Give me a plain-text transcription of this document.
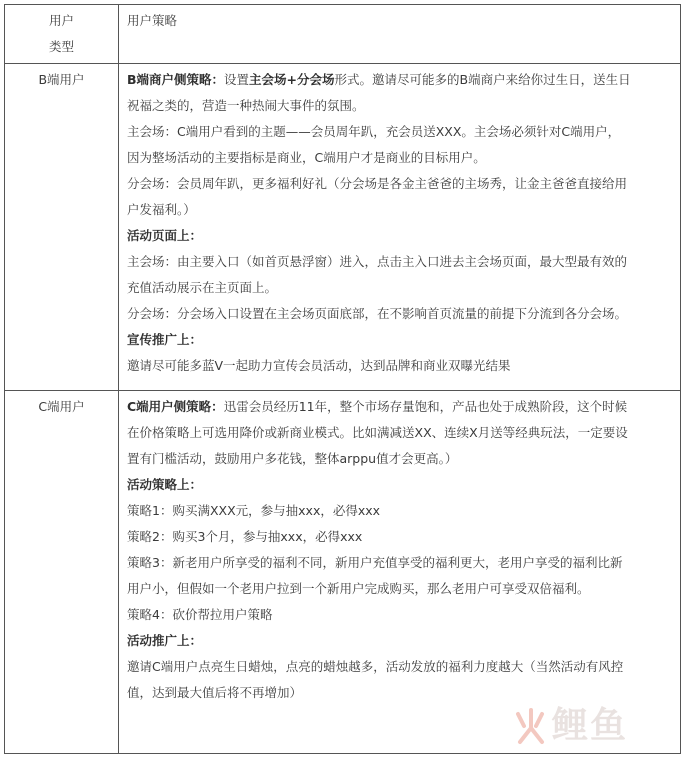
用户
类型
用户策略
B端用户	B端商户侧策略：设置主会场+分会场形式。邀请尽可能多的B端商户来给你过生日，送生日
祝福之类的，营造一种热闹大事件的氛围。
主会场：C端用户看到的主题——会员周年趴，充会员送XXX。主会场必须针对C端用户，
因为整场活动的主要指标是商业，C端用户才是商业的目标用户。
分会场：会员周年趴，更多福利好礼（分会场是各金主爸爸的主场秀，让金主爸爸直接给用
户发福利。）
活动页面上：
主会场：由主要入口（如首页悬浮窗）进入，点击主入口进去主会场页面，最大型最有效的
充值活动展示在主页面上。
分会场：分会场入口设置在主会场页面底部，在不影响首页流量的前提下分流到各分会场。
宣传推广上：
邀请尽可能多蓝V一起助力宣传会员活动，达到品牌和商业双曝光结果
C端用户	C端用户侧策略：迅雷会员经历11年，整个市场存量饱和，产品也处于成熟阶段，这个时候
在价格策略上可选用降价或新商业模式。比如满减送XX、连续X月送等经典玩法，一定要设
置有门槛活动，鼓励用户多花钱，整体arppu值才会更高。）
活动策略上：
策略1：购买满XXX元，参与抽xxx，必得xxx
策略2：购买3个月，参与抽xxx，必得xxx
策略3：新老用户所享受的福利不同，新用户充值享受的福利更大，老用户享受的福利比新
用户小，但假如一个老用户拉到一个新用户完成购买，那么老用户可享受双倍福利。
策略4：砍价帮拉用户策略
活动推广上：
邀请C端用户点亮生日蜡烛，点亮的蜡烛越多，活动发放的福利力度越大（当然活动有风控
值，达到最大值后将不再增加）
鲤鱼
